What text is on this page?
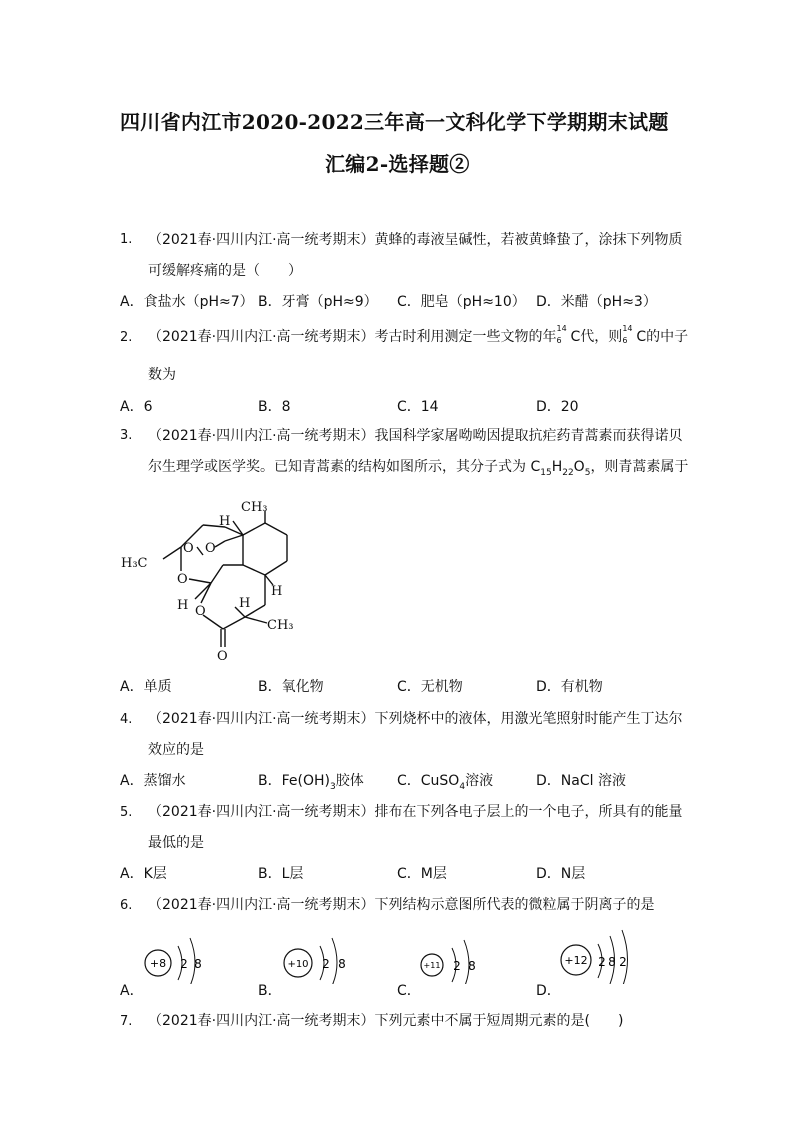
四川省内江市2020-2022三年高一文科化学下学期期末试题
汇编2-选择题②
1. （2021春·四川内江·高一统考期末）黄蜂的毒液呈碱性，若被黄蜂蛰了，涂抹下列物质
可缓解疼痛的是（　　）
A．食盐水（pH≈7） B．牙膏（pH≈9） C．肥皂（pH≈10） D．米醋（pH≈3）
2. （2021春·四川内江·高一统考期末）考古时利用测定一些文物的年
14
6 C代，则
14
6 C的中子
数为
A．6	B．8	C．14	D．20
3. （2021春·四川内江·高一统考期末）我国科学家屠呦呦因提取抗疟药青蒿素而获得诺贝
尔生理学或医学奖。已知青蒿素的结构如图所示，其分子式为 $C_{15}H_{22}O_5$，则青蒿素属于
CH₃
H
O O
H₃C
O
H
H O
H
CH₃
O
A．单质	B．氧化物	C．无机物	D．有机物
4. （2021春·四川内江·高一统考期末）下列烧杯中的液体，用激光笔照射时能产生丁达尔
效应的是
A．蒸馏水	B．$Fe(OH)_3$胶体 C．CuSO$_4$溶液	D．NaCl 溶液
5. （2021春·四川内江·高一统考期末）排布在下列各电子层上的一个电子，所具有的能量
最低的是
A．K层	B．L层	C．M层	D．N层
6. （2021春·四川内江·高一统考期末）下列结构示意图所代表的微粒属于阴离子的是
A．
+8 2 8
B．
+10 2 8
C．
+11 2 8
D．
+12 2 8 2
7. （2021春·四川内江·高一统考期末）下列元素中不属于短周期元素的是(　　)
